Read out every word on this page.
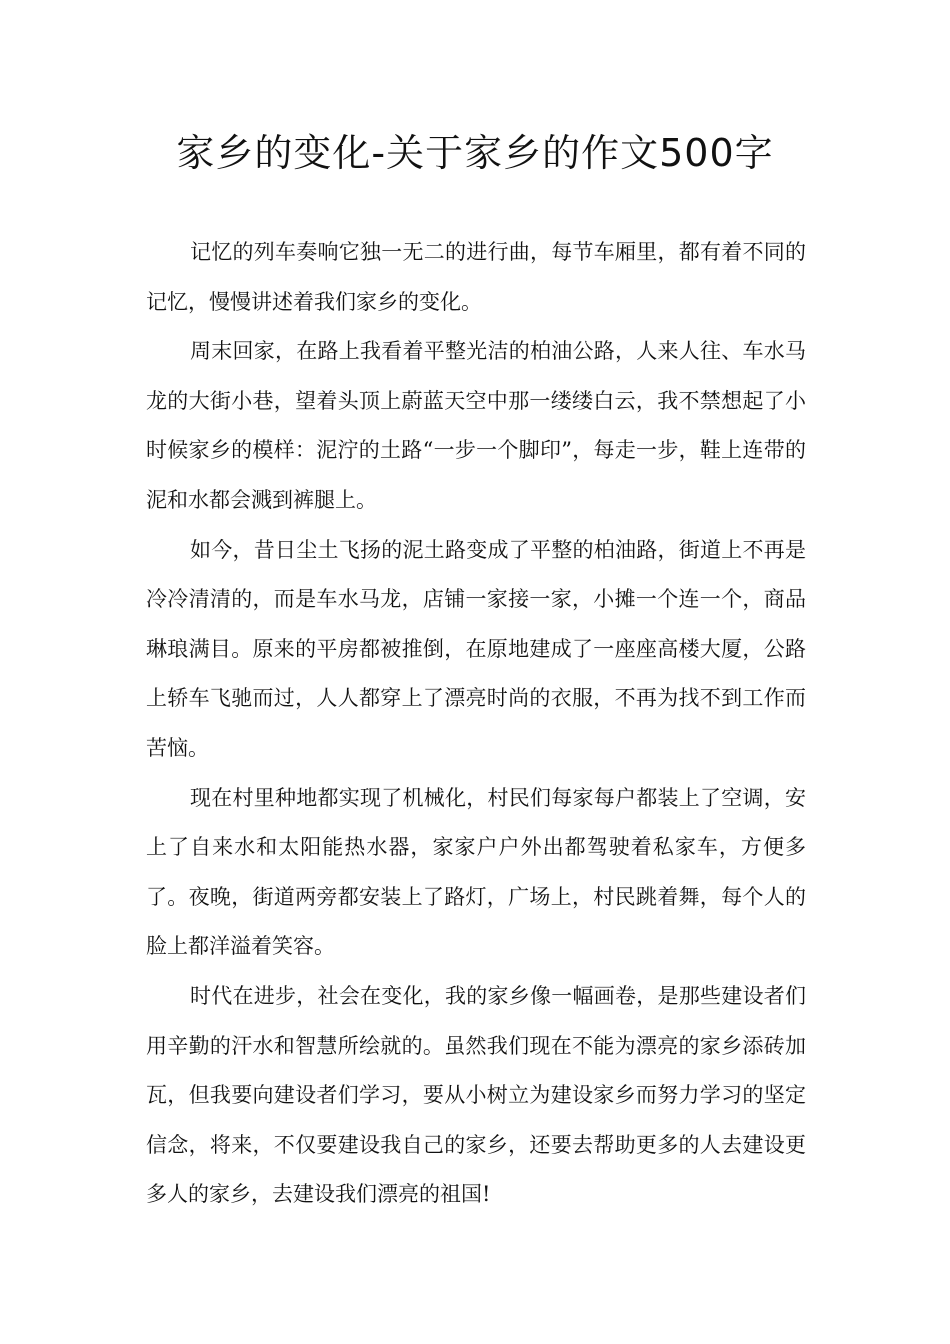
家乡的变化-关于家乡的作文500字

记忆的列车奏响它独一无二的进行曲，每节车厢里，都有着不同的记忆，慢慢讲述着我们家乡的变化。

周末回家，在路上我看着平整光洁的柏油公路，人来人往、车水马龙的大街小巷，望着头顶上蔚蓝天空中那一缕缕白云，我不禁想起了小时候家乡的模样：泥泞的土路“一步一个脚印”，每走一步，鞋上连带的泥和水都会溅到裤腿上。

如今，昔日尘土飞扬的泥土路变成了平整的柏油路，街道上不再是冷冷清清的，而是车水马龙，店铺一家接一家，小摊一个连一个，商品琳琅满目。原来的平房都被推倒，在原地建成了一座座高楼大厦，公路上轿车飞驰而过，人人都穿上了漂亮时尚的衣服，不再为找不到工作而苦恼。

现在村里种地都实现了机械化，村民们每家每户都装上了空调，安上了自来水和太阳能热水器，家家户户外出都驾驶着私家车，方便多了。夜晚，街道两旁都安装上了路灯，广场上，村民跳着舞，每个人的脸上都洋溢着笑容。

时代在进步，社会在变化，我的家乡像一幅画卷，是那些建设者们用辛勤的汗水和智慧所绘就的。虽然我们现在不能为漂亮的家乡添砖加瓦，但我要向建设者们学习，要从小树立为建设家乡而努力学习的坚定信念，将来，不仅要建设我自己的家乡，还要去帮助更多的人去建设更多人的家乡，去建设我们漂亮的祖国!
